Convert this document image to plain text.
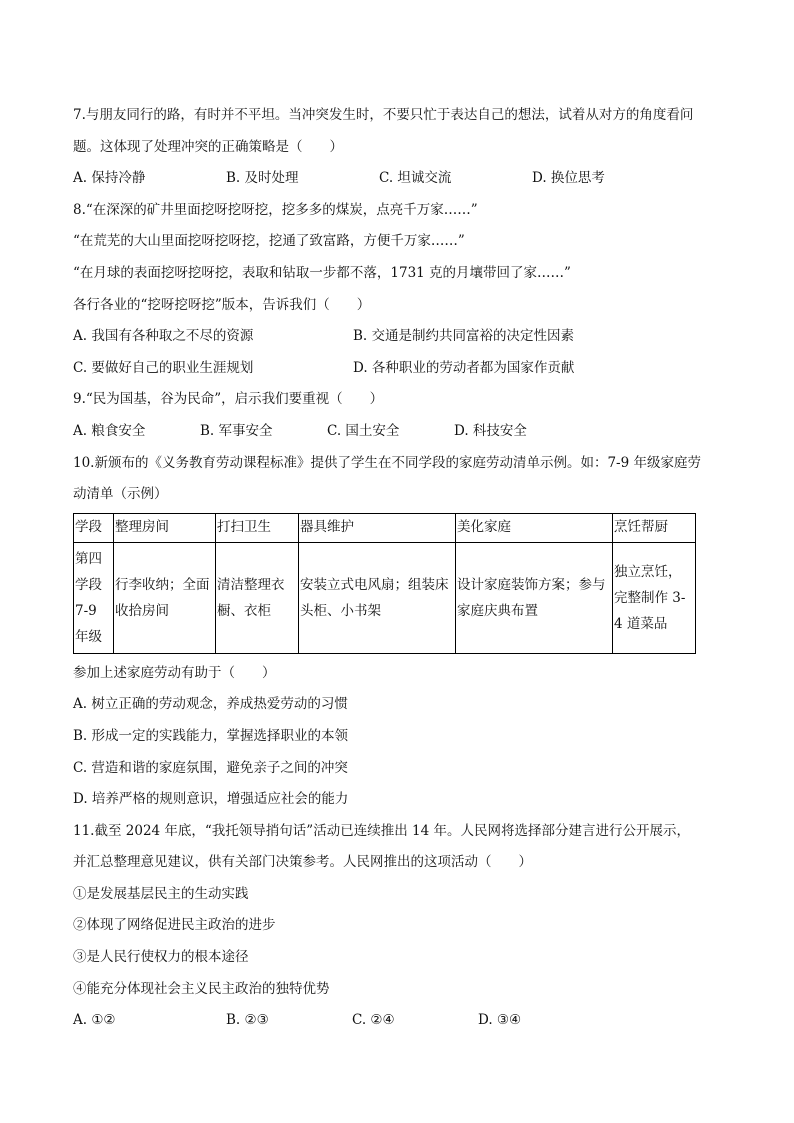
7.与朋友同行的路，有时并不平坦。当冲突发生时，不要只忙于表达自己的想法，试着从对方的角度看问
题。这体现了处理冲突的正确策略是（　　）
A. 保持冷静	B. 及时处理	C. 坦诚交流	D. 换位思考
8.“在深深的矿井里面挖呀挖呀挖，挖多多的煤炭，点亮千万家……”
“在荒芜的大山里面挖呀挖呀挖，挖通了致富路，方便千万家……”
“在月球的表面挖呀挖呀挖，表取和钻取一步都不落，1731 克的月壤带回了家……”
各行各业的“挖呀挖呀挖”版本，告诉我们（　　）
A. 我国有各种取之不尽的资源	B. 交通是制约共同富裕的决定性因素
C. 要做好自己的职业生涯规划	D. 各种职业的劳动者都为国家作贡献
9.“民为国基，谷为民命”，启示我们要重视（　　）
A. 粮食安全	B. 军事安全	C. 国土安全	D. 科技安全
10.新颁布的《义务教育劳动课程标准》提供了学生在不同学段的家庭劳动清单示例。如：7-9 年级家庭劳
动清单（示例）
学段	整理房间	打扫卫生	器具维护	美化家庭	烹饪帮厨
第四学段 7-9 年级	行李收纳；全面收拾房间	清洁整理衣橱、衣柜	安装立式电风扇；组装床头柜、小书架	设计家庭装饰方案；参与家庭庆典布置	独立烹饪，完整制作 3-4 道菜品
参加上述家庭劳动有助于（　　）
A. 树立正确的劳动观念，养成热爱劳动的习惯
B. 形成一定的实践能力，掌握选择职业的本领
C. 营造和谐的家庭氛围，避免亲子之间的冲突
D. 培养严格的规则意识，增强适应社会的能力
11.截至 2024 年底，“我托领导捎句话”活动已连续推出 14 年。人民网将选择部分建言进行公开展示，
并汇总整理意见建议，供有关部门决策参考。人民网推出的这项活动（　　）
①是发展基层民主的生动实践
②体现了网络促进民主政治的进步
③是人民行使权力的根本途径
④能充分体现社会主义民主政治的独特优势
A. ①②	B. ②③	C. ②④	D. ③④
